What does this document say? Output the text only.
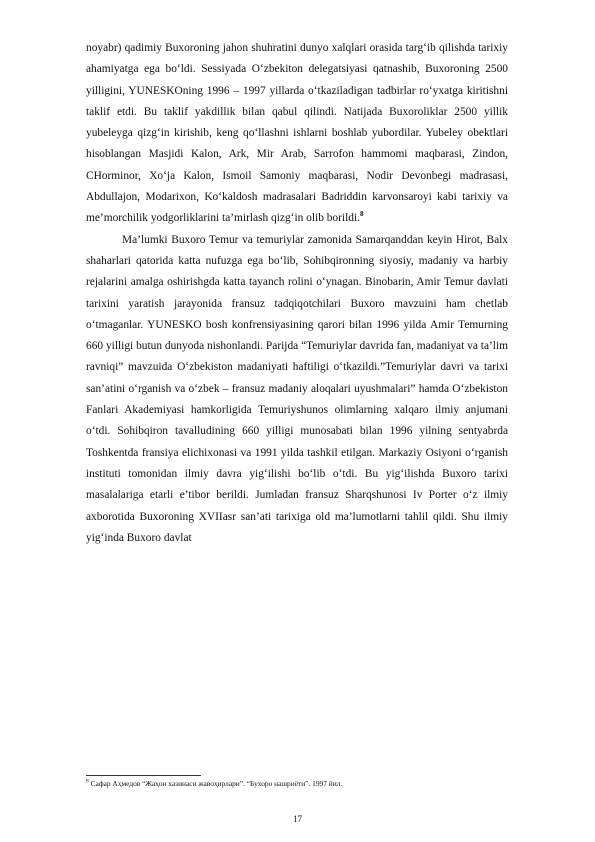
noyabr) qadimiy Buxoroning jahon shuhratini dunyo xalqlari orasida targ‘ib qilishda tarixiy ahamiyatga ega bo‘ldi. Sessiyada O‘zbekiton delegatsiyasi qatnashib, Buxoroning 2500 yilligini, YUNESKOning 1996 – 1997 yillarda o‘tkaziladigan tadbirlar ro‘yxatga kiritishni taklif etdi. Bu taklif yakdillik bilan qabul qilindi. Natijada Buxoroliklar 2500 yillik yubeleyga qizg‘in kirishib, keng qo‘llashni ishlarni boshlab yubordilar. Yubeley obektlari hisoblangan Masjidi Kalon, Ark, Mir Arab, Sarrofon hammomi maqbarasi, Zindon, CHorminor, Xo‘ja Kalon, Ismoil Samoniy maqbarasi, Nodir Devonbegi madrasasi, Abdullajon, Modarixon, Ko‘kaldosh madrasalari Badriddin karvonsaroyi kabi tarixiy va me’morchilik yodgorliklarini ta’mirlash qizg‘in olib borildi.$^8$

Ma’lumki Buxoro Temur va temuriylar zamonida Samarqanddan keyin Hirot, Balx shaharlari qatorida katta nufuzga ega bo‘lib, Sohibqironning siyosiy, madaniy va harbiy rejalarini amalga oshirishgda katta tayanch rolini o‘ynagan. Binobarin, Amir Temur davlati tarixini yaratish jarayonida fransuz tadqiqotchilari Buxoro mavzuini ham chetlab o‘tmaganlar. YUNESKO bosh konfrensiyasining qarori bilan 1996 yilda Amir Temurning 660 yilligi butun dunyoda nishonlandi. Parijda “Temuriylar davrida fan, madaniyat va ta’lim ravniqi” mavzuida O‘zbekiston madaniyati haftiligi o‘tkazildi.”Temuriylar davri va tarixi san’atini o‘rganish va o‘zbek – fransuz madaniy aloqalari uyushmalari” hamda O‘zbekiston Fanlari Akademiyasi hamkorligida Temuriyshunos olimlarning xalqaro ilmiy anjumani o‘tdi. Sohibqiron tavalludining 660 yilligi munosabati bilan 1996 yilning sentyabrda Toshkentda fransiya elichixonasi va 1991 yilda tashkil etilgan. Markaziy Osiyoni o‘rganish instituti tomonidan ilmiy davra yig‘ilishi bo‘lib o‘tdi. Bu yig‘ilishda Buxoro tarixi masalalariga etarli e’tibor berildi. Jumladan fransuz Sharqshunosi Iv Porter o‘z ilmiy axborotida Buxoroning XVIIasr san’ati tarixiga old ma’lumotlarni tahlil qildi. Shu ilmiy yig‘inda Buxoro davlat

$^8$ Сафар Аҳмедов “Жаҳон хазинаси жавоҳирлари”. “Бухоро нашриёти”. 1997 йил.
17
